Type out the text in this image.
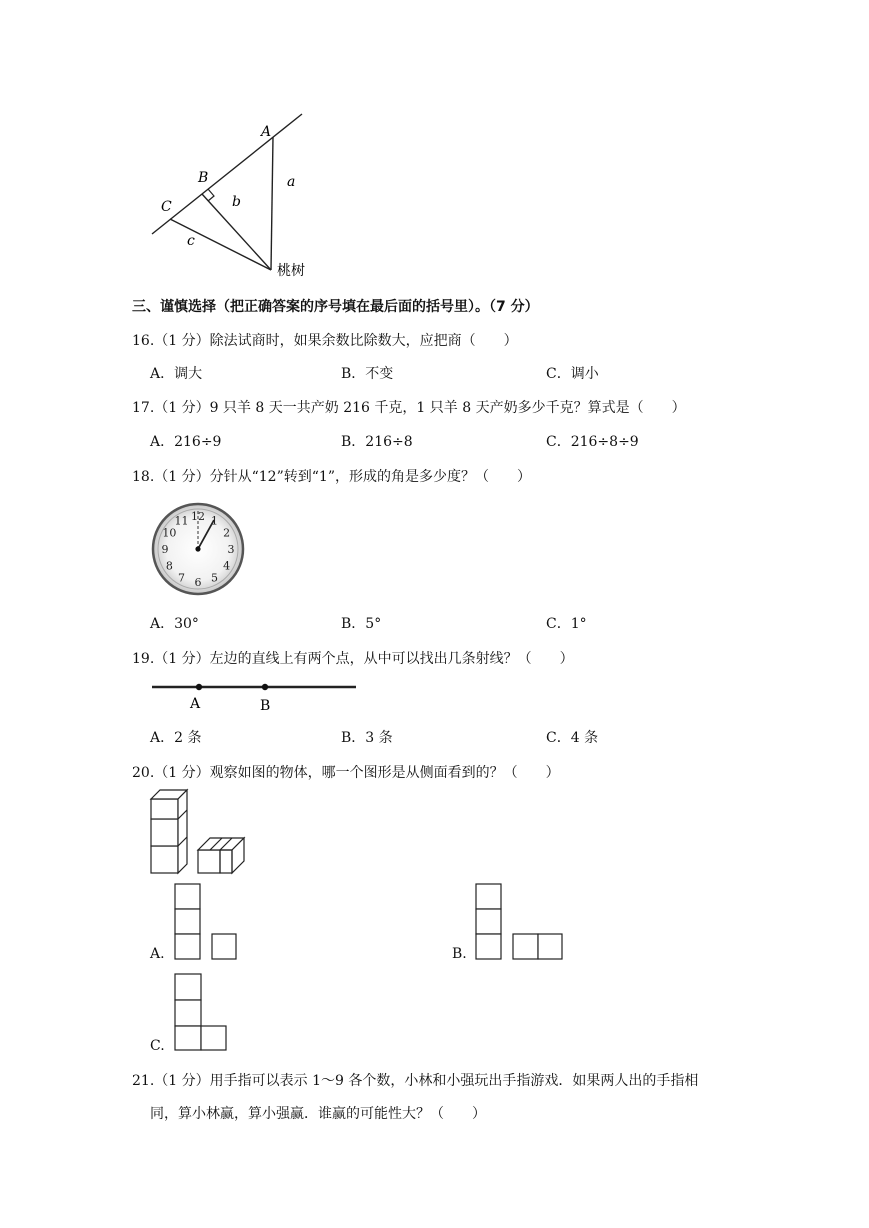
A
B
C
a
b
c
桃树
三、谨慎选择（把正确答案的序号填在最后面的括号里）。（7 分）
16.（1 分）除法试商时，如果余数比除数大，应把商（　　）
A．调大	B．不变	C．调小
17.（1 分）9 只羊 8 天一共产奶 216 千克，1 只羊 8 天产奶多少千克？算式是（　　）
A．216÷9	B．216÷8	C．216÷8÷9
18.（1 分）分针从“12”转到“1”，形成的角是多少度？（　　）
12 1
2
3
4
5
6
7
8
9
10
11
A．30°	B．5°	C．1°
19.（1 分）左边的直线上有两个点，从中可以找出几条射线？（　　）
A	B
A．2 条	B．3 条	C．4 条
20.（1 分）观察如图的物体，哪一个图形是从侧面看到的？（　　）
A.	B.
C.
21.（1 分）用手指可以表示 1～9 各个数，小林和小强玩出手指游戏．如果两人出的手指相
同，算小林赢，算小强赢．谁赢的可能性大？（　　）
